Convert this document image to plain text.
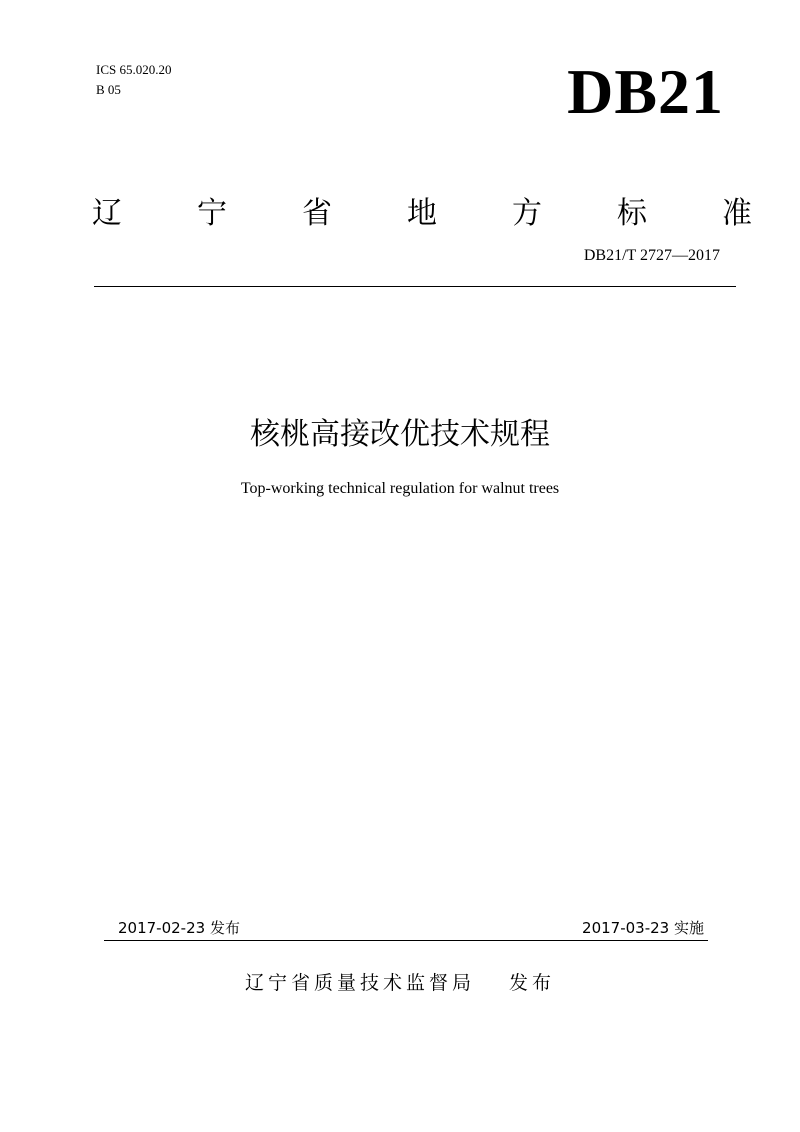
ICS 65.020.20
B 05	DB21
辽	宁	省	地	方	标	准
DB21/T 2727—2017
核桃高接改优技术规程
Top-working technical regulation for walnut trees
2017-02-23 发布	2017-03-23 实施
辽宁省质量技术监督局 发布
